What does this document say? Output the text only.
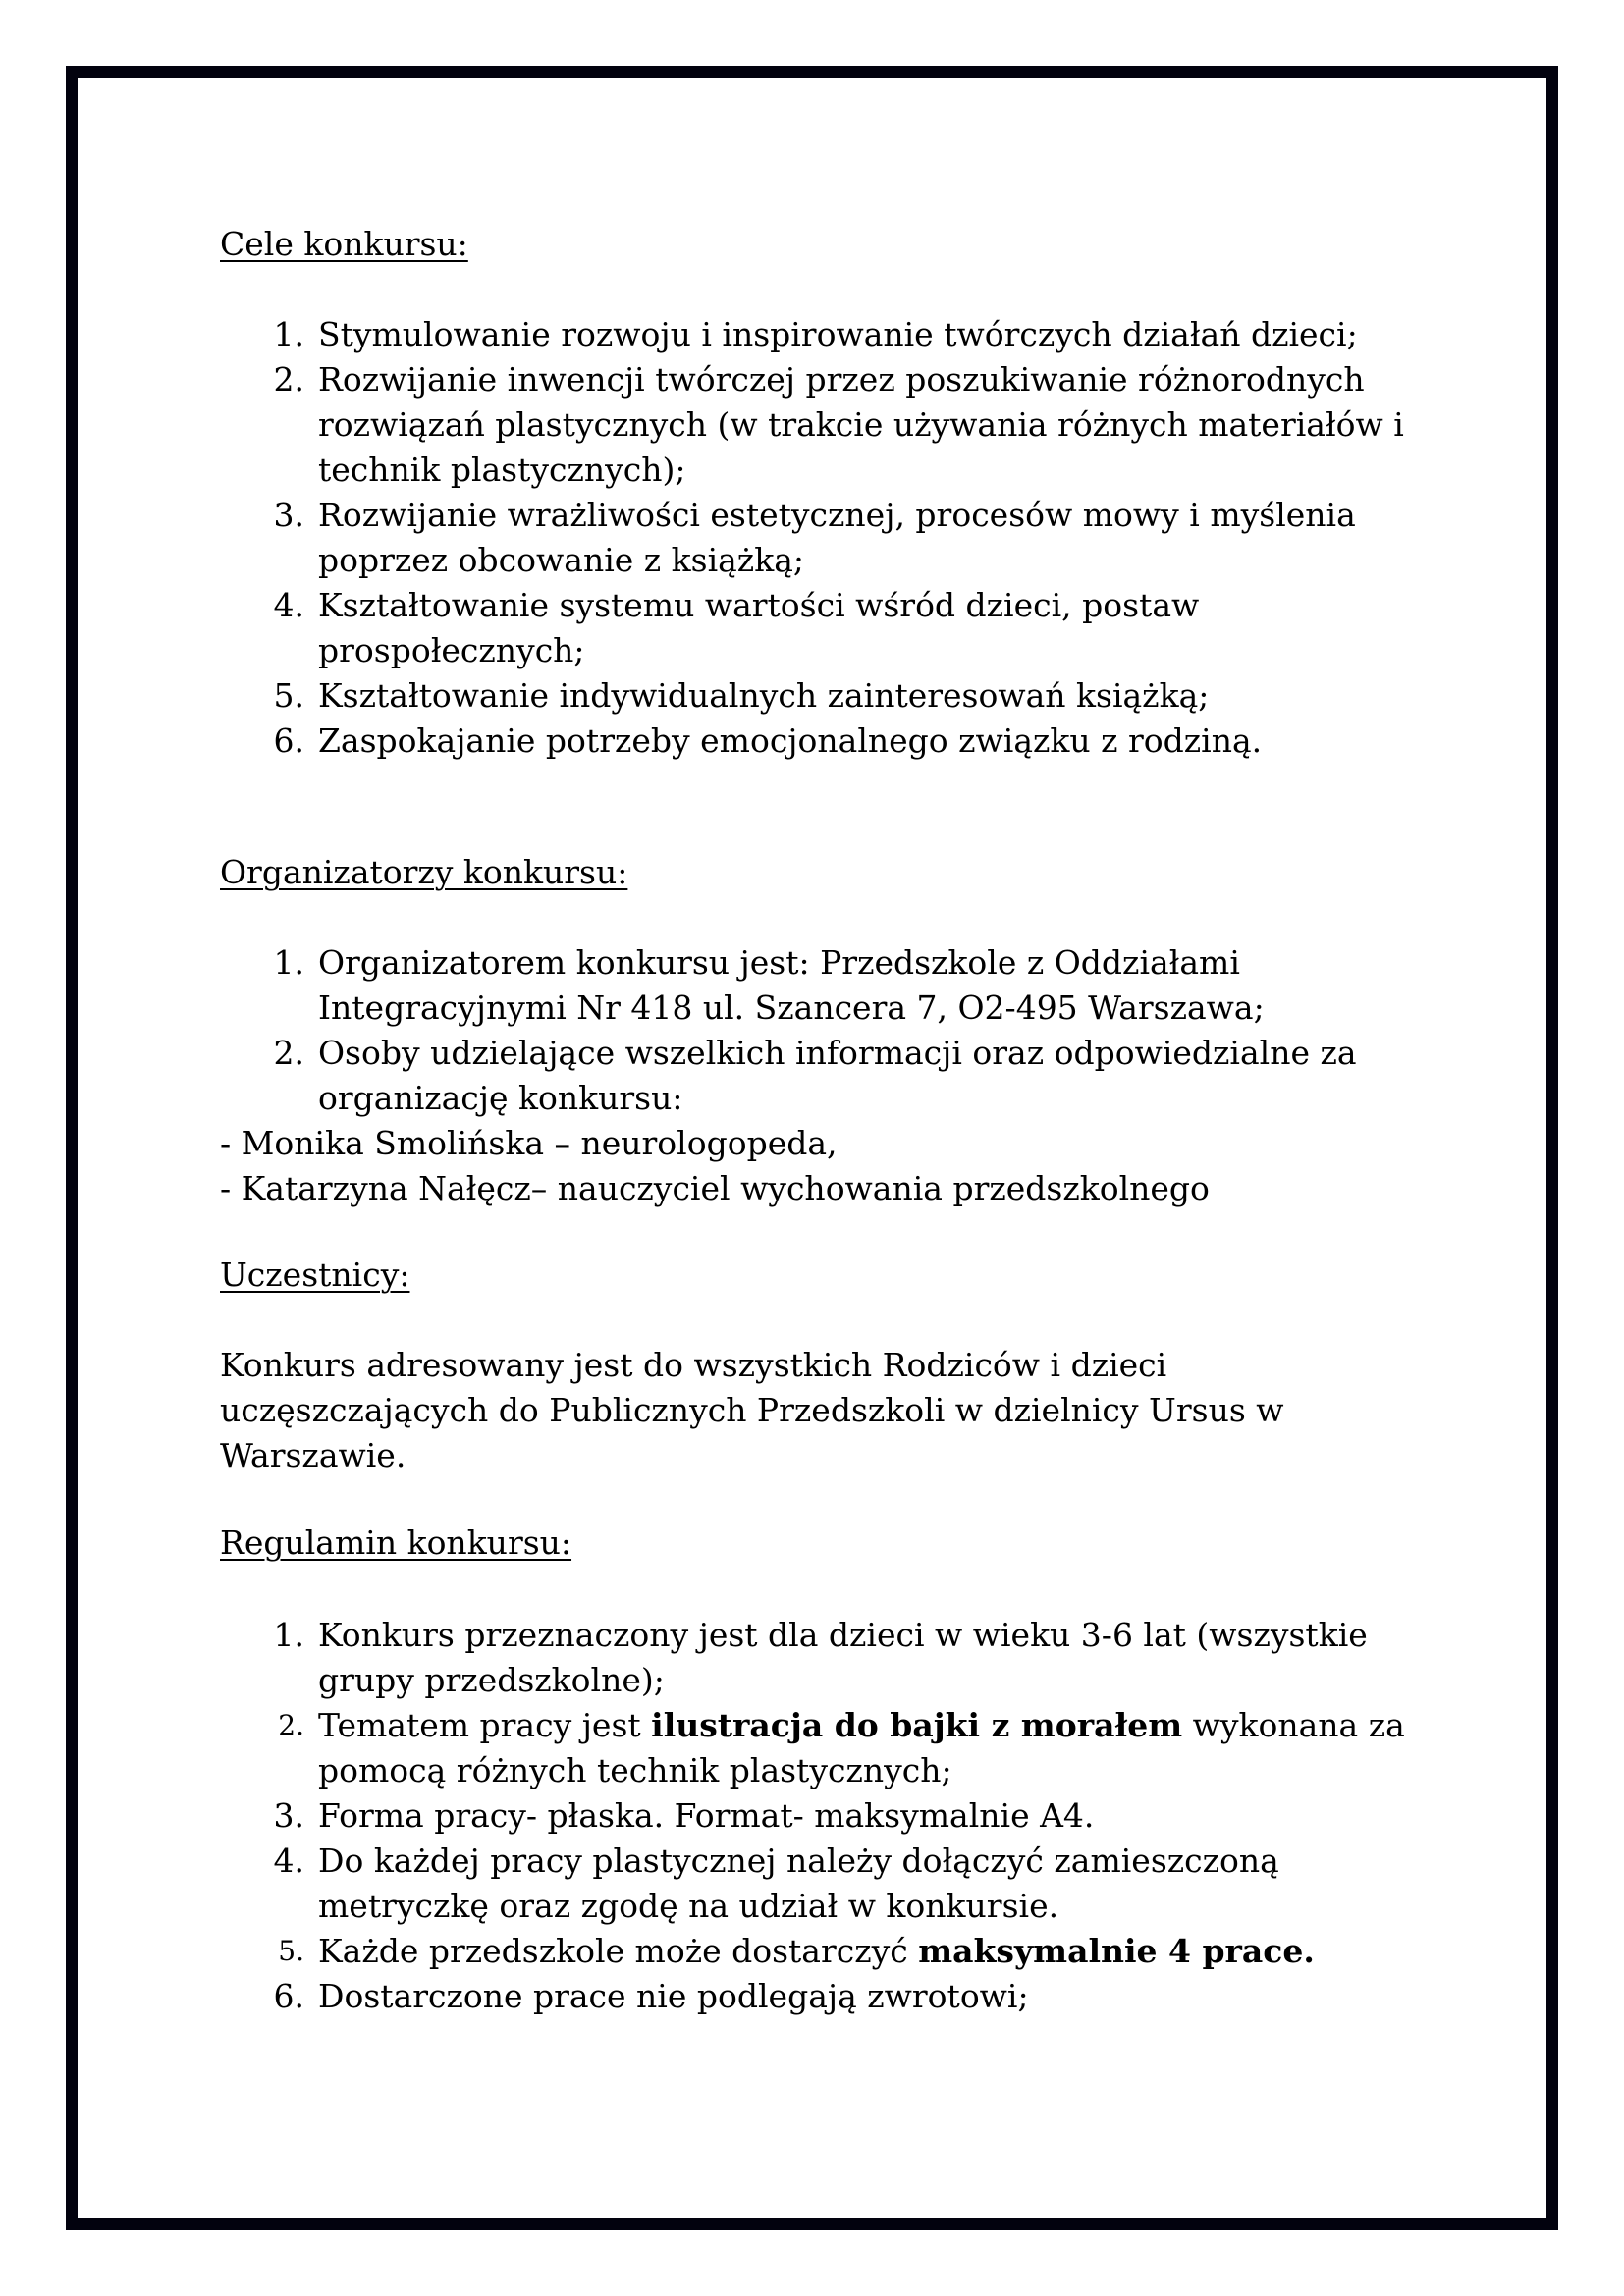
Cele konkursu:
1. Stymulowanie rozwoju i inspirowanie twórczych działań dzieci;
2. Rozwijanie inwencji twórczej przez poszukiwanie różnorodnych rozwiązań plastycznych (w trakcie używania różnych materiałów i technik plastycznych);
3. Rozwijanie wrażliwości estetycznej, procesów mowy i myślenia poprzez obcowanie z książką;
4. Kształtowanie systemu wartości wśród dzieci, postaw prospołecznych;
5. Kształtowanie indywidualnych zainteresowań książką;
6. Zaspokajanie potrzeby emocjonalnego związku z rodziną.
Organizatorzy konkursu:
1. Organizatorem konkursu jest: Przedszkole z Oddziałami Integracyjnymi Nr 418 ul. Szancera 7, O2-495 Warszawa;
2. Osoby udzielające wszelkich informacji oraz odpowiedzialne za organizację konkursu:
- Monika Smolińska – neurologopeda,
- Katarzyna Nałęcz– nauczyciel wychowania przedszkolnego
Uczestnicy:

Konkurs adresowany jest do wszystkich Rodziców i dzieci uczęszczających do Publicznych Przedszkoli w dzielnicy Ursus w Warszawie.

Regulamin konkursu:
1. Konkurs przeznaczony jest dla dzieci w wieku 3-6 lat (wszystkie grupy przedszkolne);
2. Tematem pracy jest ilustracja do bajki z morałem wykonana za pomocą różnych technik plastycznych;
3. Forma pracy- płaska. Format- maksymalnie A4.
4. Do każdej pracy plastycznej należy dołączyć zamieszczoną metryczkę oraz zgodę na udział w konkursie.
5. Każde przedszkole może dostarczyć maksymalnie 4 prace.
6. Dostarczone prace nie podlegają zwrotowi;
